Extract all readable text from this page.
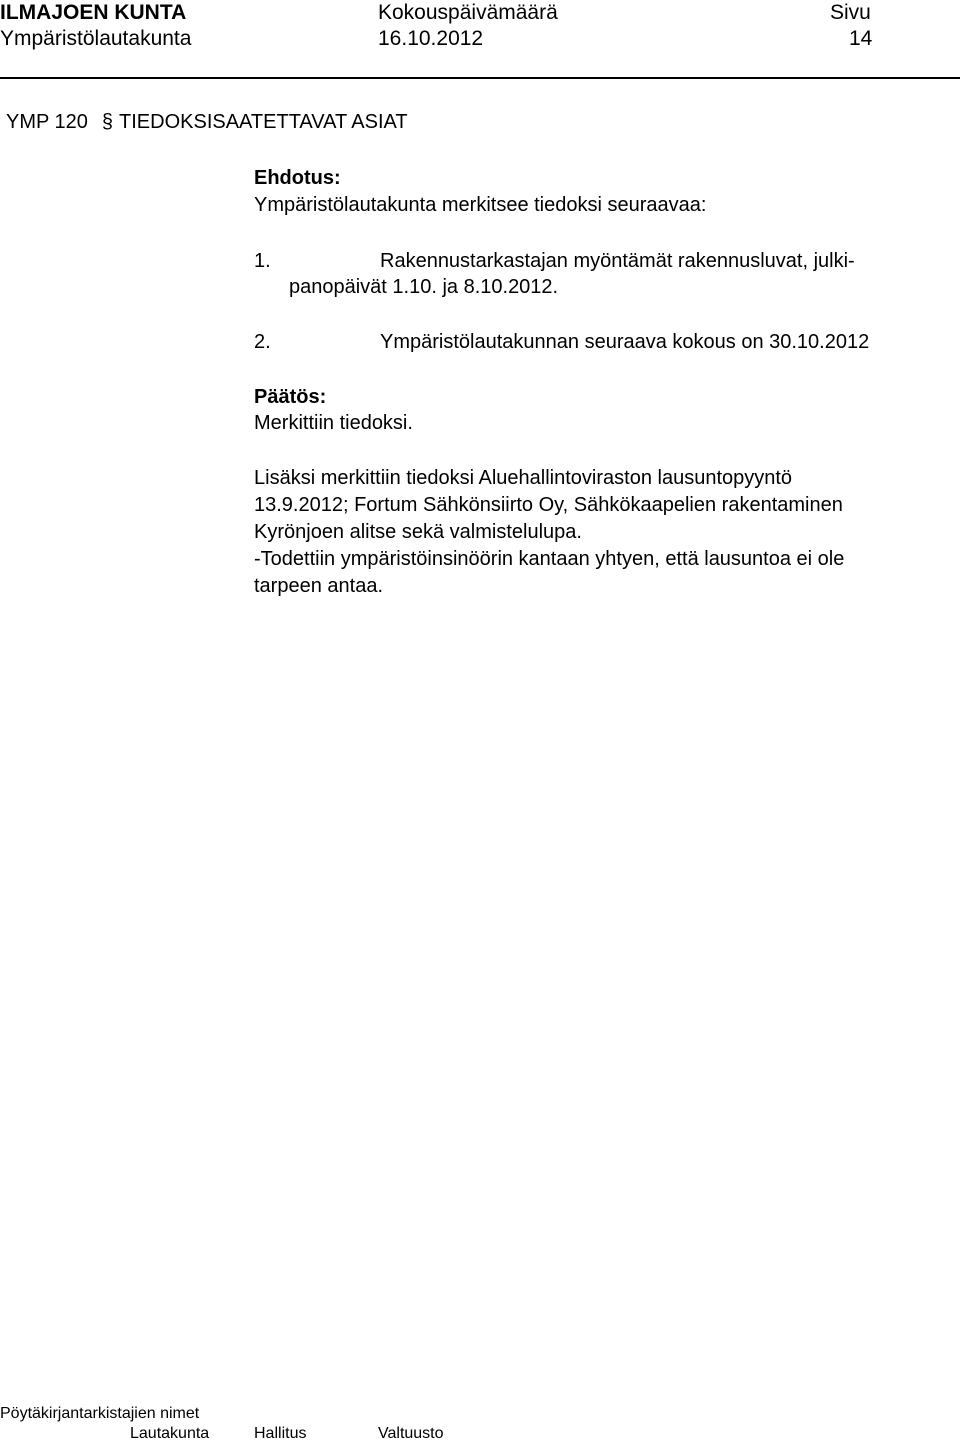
ILMAJOEN KUNTA	Kokouspäivämäärä	Sivu
Ympäristölautakunta	16.10.2012	14
YMP 120 § TIEDOKSISAATETTAVAT ASIAT
Ehdotus:
Ympäristölautakunta merkitsee tiedoksi seuraavaa:
1.	Rakennustarkastajan myöntämät rakennusluvat, julki-
panopäivät 1.10. ja 8.10.2012.
2.	Ympäristölautakunnan seuraava kokous on 30.10.2012
Päätös:
Merkittiin tiedoksi.
Lisäksi merkittiin tiedoksi Aluehallintoviraston lausuntopyyntö
13.9.2012; Fortum Sähkönsiirto Oy, Sähkökaapelien rakentaminen
Kyrönjoen alitse sekä valmistelulupa.
-Todettiin ympäristöinsinöörin kantaan yhtyen, että lausuntoa ei ole
tarpeen antaa.
Pöytäkirjantarkistajien nimet
Lautakunta	Hallitus	Valtuusto
